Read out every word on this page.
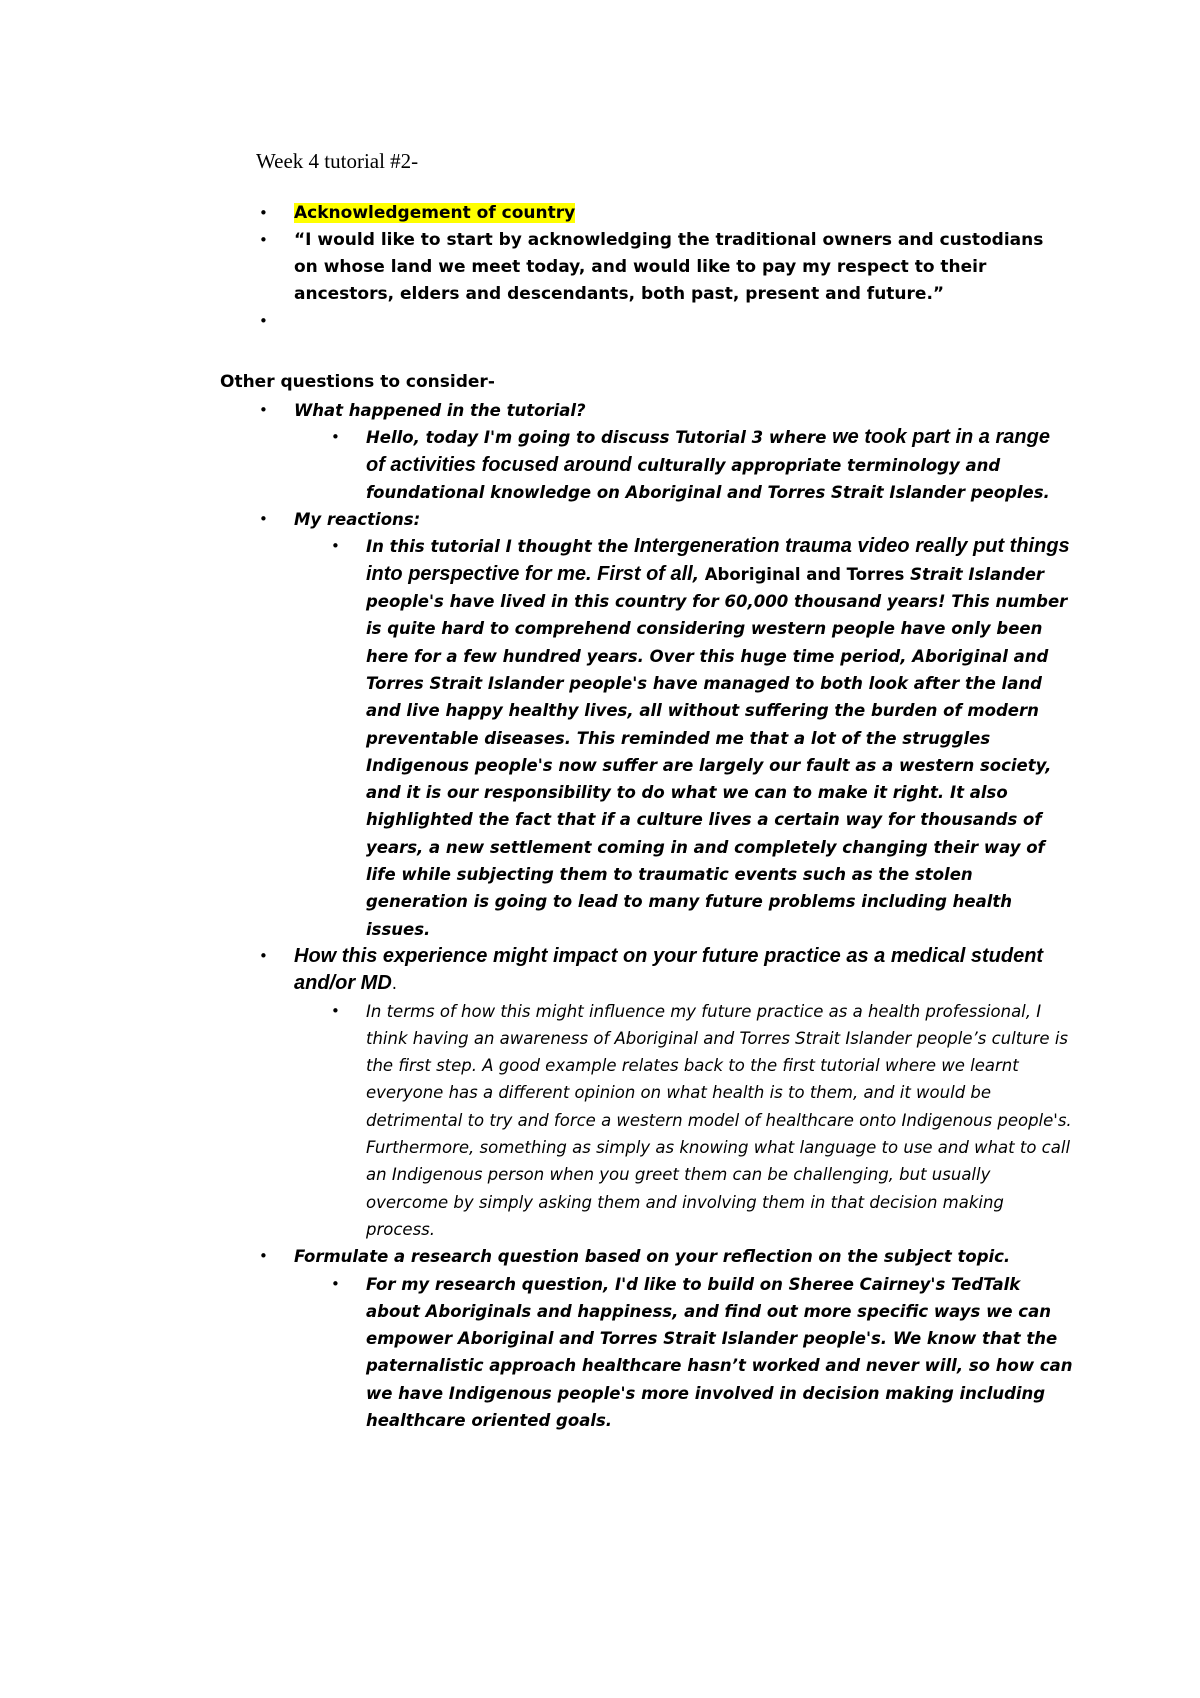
Week 4 tutorial #2-
• Acknowledgement of country
• “I would like to start by acknowledging the traditional owners and custodians on whose land we meet today, and would like to pay my respect to their ancestors, elders and descendants, both past, present and future.”
•
Other questions to consider-
• What happened in the tutorial?
• Hello, today I'm going to discuss Tutorial 3 where we took part in a range of activities focused around culturally appropriate terminology and foundational knowledge on Aboriginal and Torres Strait Islander peoples.
• My reactions:
• In this tutorial I thought the Intergeneration trauma video really put things into perspective for me. First of all, Aboriginal and Torres Strait Islander people's have lived in this country for 60,000 thousand years! This number is quite hard to comprehend considering western people have only been here for a few hundred years. Over this huge time period, Aboriginal and Torres Strait Islander people's have managed to both look after the land and live happy healthy lives, all without suffering the burden of modern preventable diseases. This reminded me that a lot of the struggles Indigenous people's now suffer are largely our fault as a western society, and it is our responsibility to do what we can to make it right. It also highlighted the fact that if a culture lives a certain way for thousands of years, a new settlement coming in and completely changing their way of life while subjecting them to traumatic events such as the stolen generation is going to lead to many future problems including health issues.
• How this experience might impact on your future practice as a medical student and/or MD.
• In terms of how this might influence my future practice as a health professional, I think having an awareness of Aboriginal and Torres Strait Islander people’s culture is the first step. A good example relates back to the first tutorial where we learnt everyone has a different opinion on what health is to them, and it would be detrimental to try and force a western model of healthcare onto Indigenous people's. Furthermore, something as simply as knowing what language to use and what to call an Indigenous person when you greet them can be challenging, but usually overcome by simply asking them and involving them in that decision making process.
• Formulate a research question based on your reflection on the subject topic.
• For my research question, I'd like to build on Sheree Cairney's TedTalk about Aboriginals and happiness, and find out more specific ways we can empower Aboriginal and Torres Strait Islander people's. We know that the paternalistic approach healthcare hasn’t worked and never will, so how can we have Indigenous people's more involved in decision making including healthcare oriented goals.
